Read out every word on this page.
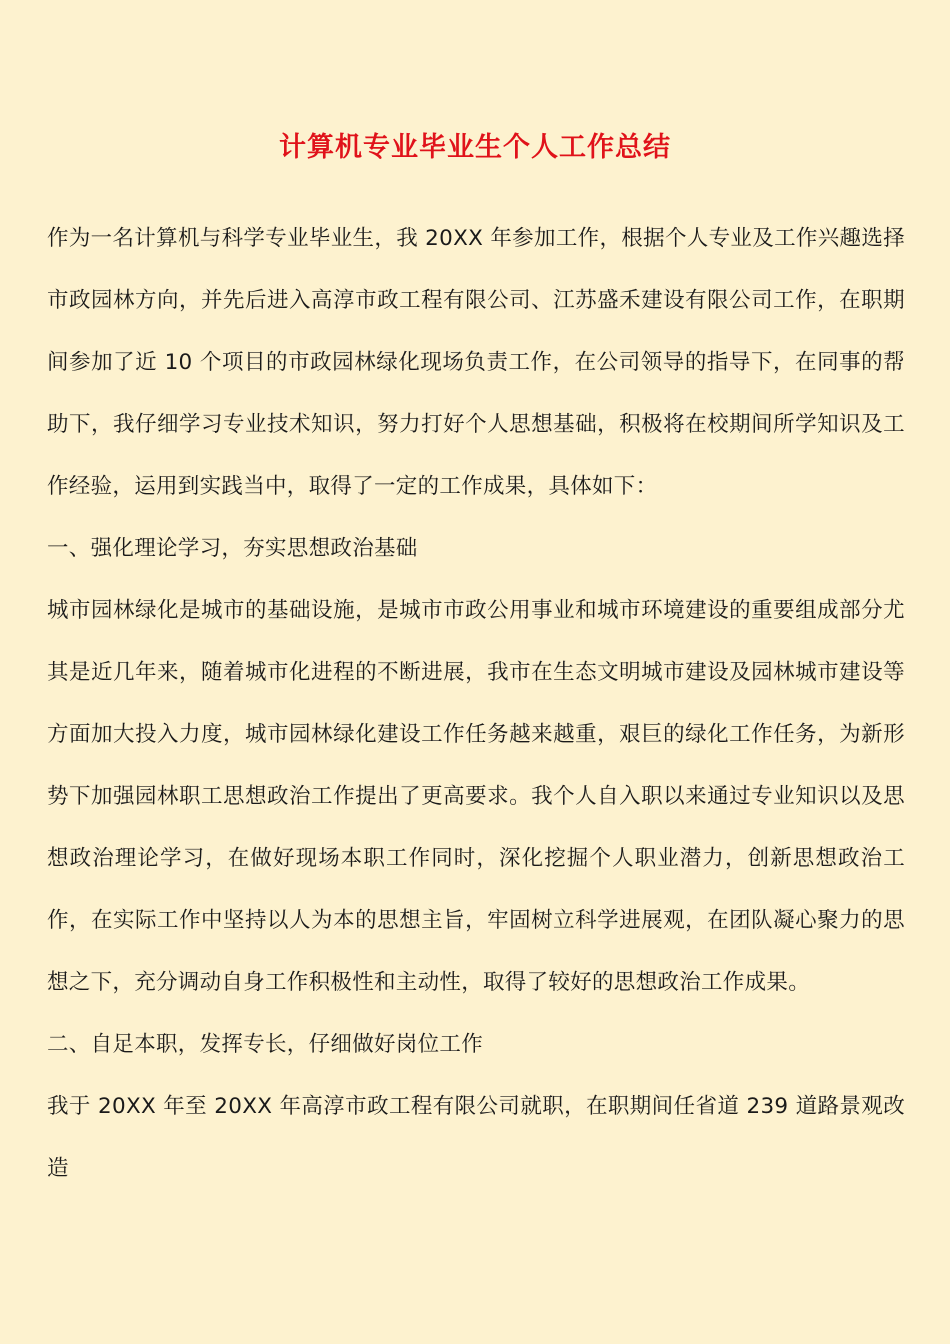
计算机专业毕业生个人工作总结

作为一名计算机与科学专业毕业生，我 20XX 年参加工作，根据个人专业及工作兴趣选择市政园林方向，并先后进入高淳市政工程有限公司、江苏盛禾建设有限公司工作，在职期间参加了近 10 个项目的市政园林绿化现场负责工作，在公司领导的指导下，在同事的帮助下，我仔细学习专业技术知识，努力打好个人思想基础，积极将在校期间所学知识及工作经验，运用到实践当中，取得了一定的工作成果，具体如下：

一、强化理论学习，夯实思想政治基础

城市园林绿化是城市的基础设施，是城市市政公用事业和城市环境建设的重要组成部分尤其是近几年来，随着城市化进程的不断进展，我市在生态文明城市建设及园林城市建设等方面加大投入力度，城市园林绿化建设工作任务越来越重，艰巨的绿化工作任务，为新形势下加强园林职工思想政治工作提出了更高要求。我个人自入职以来通过专业知识以及思想政治理论学习，在做好现场本职工作同时，深化挖掘个人职业潜力，创新思想政治工作，在实际工作中坚持以人为本的思想主旨，牢固树立科学进展观，在团队凝心聚力的思想之下，充分调动自身工作积极性和主动性，取得了较好的思想政治工作成果。

二、自足本职，发挥专长，仔细做好岗位工作

我于 20XX 年至 20XX 年高淳市政工程有限公司就职，在职期间任省道 239 道路景观改造
